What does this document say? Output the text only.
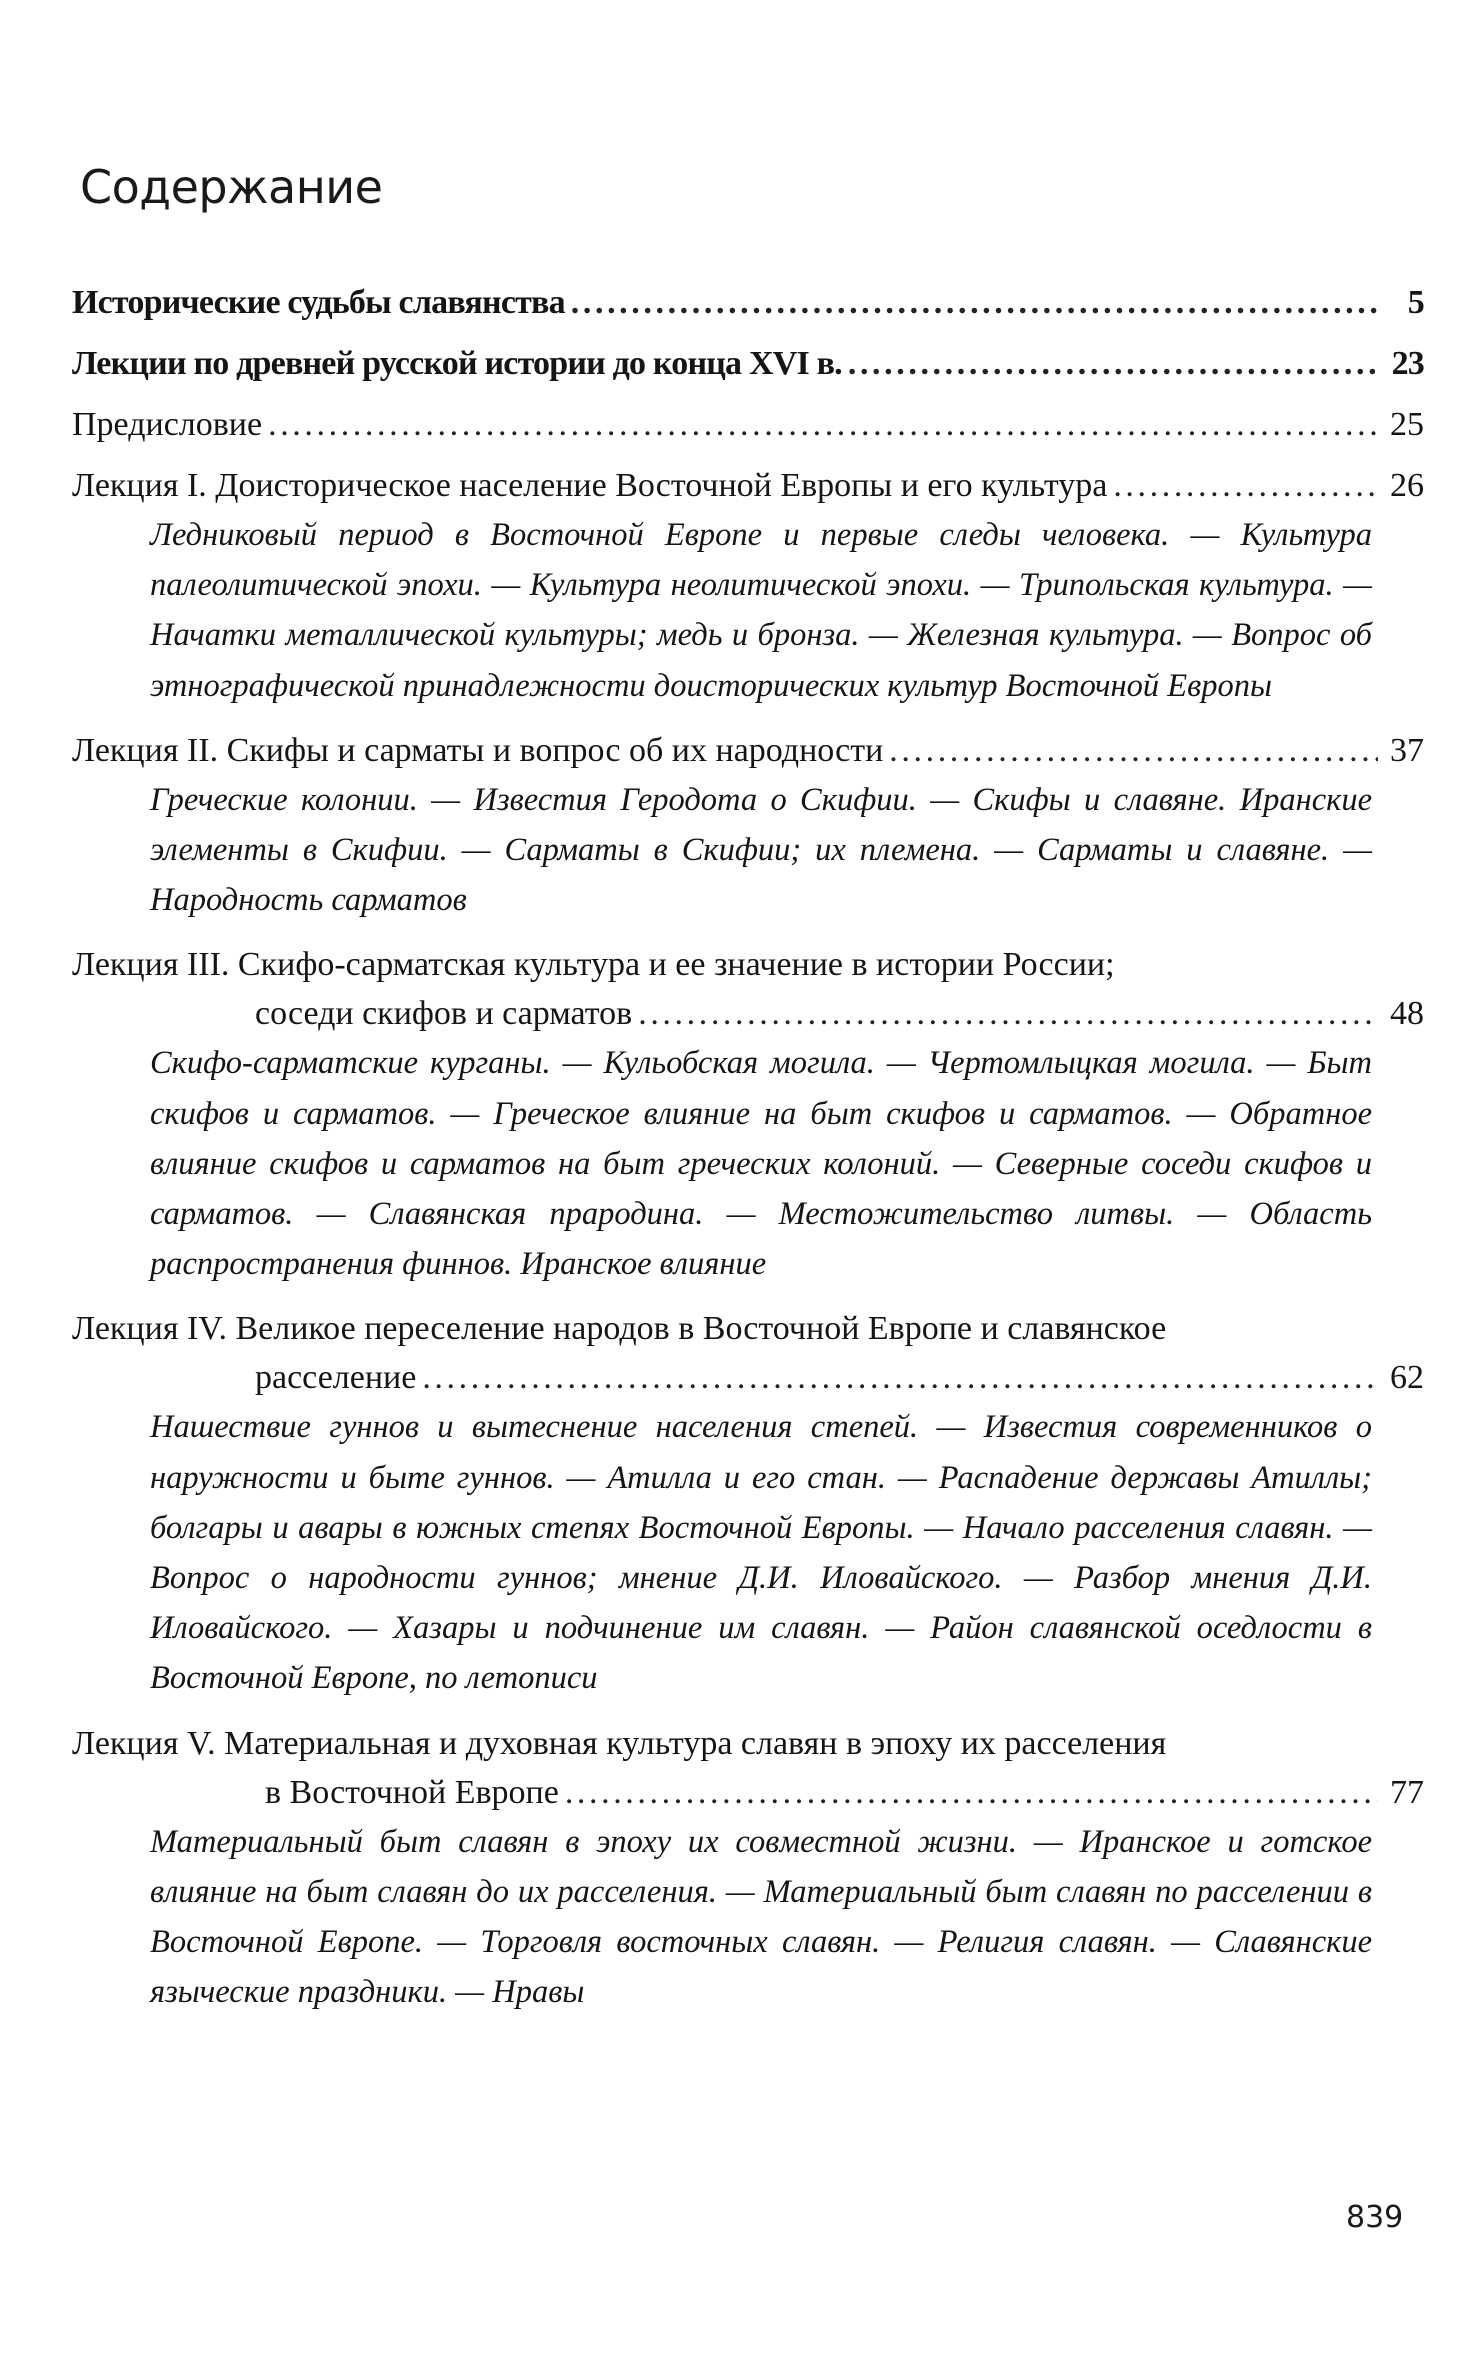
Содержание
Исторические судьбы славянства .....	5
Лекции по древней русской истории до конца XVI в. .....	23
Предисловие .....	25
Лекция I. Доисторическое население Восточной Европы и его культура .....	26
Ледниковый период в Восточной Европе и первые следы человека. — Культура палеолитической эпохи. — Культура неолитической эпохи. — Трипольская культура. — Начатки металлической культуры; медь и бронза. — Железная культура. — Вопрос об этнографической принадлежности доисторических культур Восточной Европы
Лекция II. Скифы и сарматы и вопрос об их народности .....	37
Греческие колонии. — Известия Геродота о Скифии. — Скифы и славяне. Иранские элементы в Скифии. — Сарматы в Скифии; их племена. — Сарматы и славяне. — Народность сарматов
Лекция III. Скифо-сарматская культура и ее значение в истории России;
соседи скифов и сарматов .....	48
Скифо-сарматские курганы. — Кульобская могила. — Чертомлыцкая могила. — Быт скифов и сарматов. — Греческое влияние на быт скифов и сарматов. — Обратное влияние скифов и сарматов на быт греческих колоний. — Северные соседи скифов и сарматов. — Славянская прародина. — Местожительство литвы. — Область распространения финнов. Иранское влияние
Лекция IV. Великое переселение народов в Восточной Европе и славянское
расселение .....	62
Нашествие гуннов и вытеснение населения степей. — Известия современников о наружности и быте гуннов. — Атилла и его стан. — Распадение державы Атиллы; болгары и авары в южных степях Восточной Европы. — Начало расселения славян. — Вопрос о народности гуннов; мнение Д.И. Иловайского. — Разбор мнения Д.И. Иловайского. — Хазары и подчинение им славян. — Район славянской оседлости в Восточной Европе, по летописи
Лекция V. Материальная и духовная культура славян в эпоху их расселения
в Восточной Европе .....	77
Материальный быт славян в эпоху их совместной жизни. — Иранское и готское влияние на быт славян до их расселения. — Материальный быт славян по расселении в Восточной Европе. — Торговля восточных славян. — Религия славян. — Славянские языческие праздники. — Нравы
839
